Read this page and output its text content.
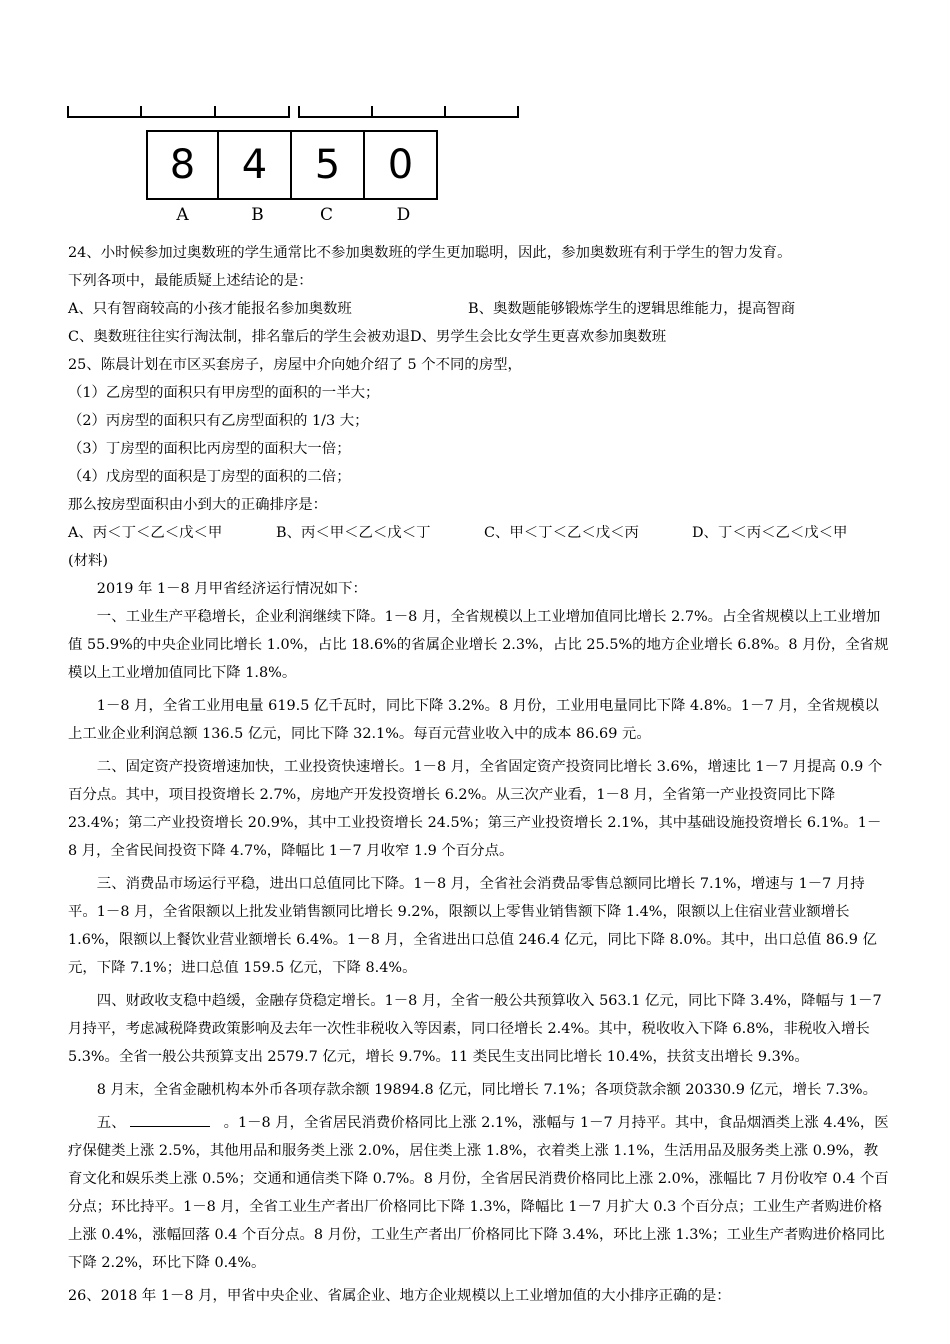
8	4	5	0
A	B	C	D

24、小时候参加过奥数班的学生通常比不参加奥数班的学生更加聪明，因此，参加奥数班有利于学生的智力发育。

下列各项中，最能质疑上述结论的是：

A、只有智商较高的小孩才能报名参加奥数班	B、奥数题能够锻炼学生的逻辑思维能力，提高智商
C、奥数班往往实行淘汰制，排名靠后的学生会被劝退 D、男学生会比女学生更喜欢参加奥数班

25、陈晨计划在市区买套房子，房屋中介向她介绍了 5 个不同的房型，

（1）乙房型的面积只有甲房型的面积的一半大；

（2）丙房型的面积只有乙房型面积的 1/3 大；

（3）丁房型的面积比丙房型的面积大一倍；

（4）戊房型的面积是丁房型的面积的二倍；

那么按房型面积由小到大的正确排序是：

A、丙＜丁＜乙＜戊＜甲	B、丙＜甲＜乙＜戊＜丁	C、甲＜丁＜乙＜戊＜丙	D、丁＜丙＜乙＜戊＜甲

(材料)

2019 年 1－8 月甲省经济运行情况如下：

一、工业生产平稳增长，企业利润继续下降。1－8 月，全省规模以上工业增加值同比增长 2.7%。占全省规模以上工业增加值 55.9%的中央企业同比增长 1.0%，占比 18.6%的省属企业增长 2.3%，占比 25.5%的地方企业增长 6.8%。8 月份，全省规模以上工业增加值同比下降 1.8%。

1－8 月，全省工业用电量 619.5 亿千瓦时，同比下降 3.2%。8 月份，工业用电量同比下降 4.8%。1－7 月，全省规模以上工业企业利润总额 136.5 亿元，同比下降 32.1%。每百元营业收入中的成本 86.69 元。

二、固定资产投资增速加快，工业投资快速增长。1－8 月，全省固定资产投资同比增长 3.6%，增速比 1－7 月提高 0.9 个百分点。其中，项目投资增长 2.7%，房地产开发投资增长 6.2%。从三次产业看，1－8 月，全省第一产业投资同比下降 23.4%；第二产业投资增长 20.9%，其中工业投资增长 24.5%；第三产业投资增长 2.1%，其中基础设施投资增长 6.1%。1－8 月，全省民间投资下降 4.7%，降幅比 1－7 月收窄 1.9 个百分点。

三、消费品市场运行平稳，进出口总值同比下降。1－8 月，全省社会消费品零售总额同比增长 7.1%，增速与 1－7 月持平。1－8 月，全省限额以上批发业销售额同比增长 9.2%，限额以上零售业销售额下降 1.4%，限额以上住宿业营业额增长 1.6%，限额以上餐饮业营业额增长 6.4%。1－8 月，全省进出口总值 246.4 亿元，同比下降 8.0%。其中，出口总值 86.9 亿元，下降 7.1%；进口总值 159.5 亿元，下降 8.4%。

四、财政收支稳中趋缓，金融存贷稳定增长。1－8 月，全省一般公共预算收入 563.1 亿元，同比下降 3.4%，降幅与 1－7 月持平，考虑减税降费政策影响及去年一次性非税收入等因素，同口径增长 2.4%。其中，税收收入下降 6.8%，非税收入增长 5.3%。全省一般公共预算支出 2579.7 亿元，增长 9.7%。11 类民生支出同比增长 10.4%，扶贫支出增长 9.3%。

8 月末，全省金融机构本外币各项存款余额 19894.8 亿元，同比增长 7.1%；各项贷款余额 20330.9 亿元，增长 7.3%。

五、	。1－8 月，全省居民消费价格同比上涨 2.1%，涨幅与 1－7 月持平。其中，食品烟酒类上涨 4.4%，医疗保健类上涨 2.5%，其他用品和服务类上涨 2.0%，居住类上涨 1.8%，衣着类上涨 1.1%，生活用品及服务类上涨 0.9%，教育文化和娱乐类上涨 0.5%；交通和通信类下降 0.7%。8 月份，全省居民消费价格同比上涨 2.0%，涨幅比 7 月份收窄 0.4 个百分点；环比持平。1－8 月，全省工业生产者出厂价格同比下降 1.3%，降幅比 1－7 月扩大 0.3 个百分点；工业生产者购进价格上涨 0.4%，涨幅回落 0.4 个百分点。8 月份，工业生产者出厂价格同比下降 3.4%，环比上涨 1.3%；工业生产者购进价格同比下降 2.2%，环比下降 0.4%。

26、2018 年 1－8 月，甲省中央企业、省属企业、地方企业规模以上工业增加值的大小排序正确的是：
